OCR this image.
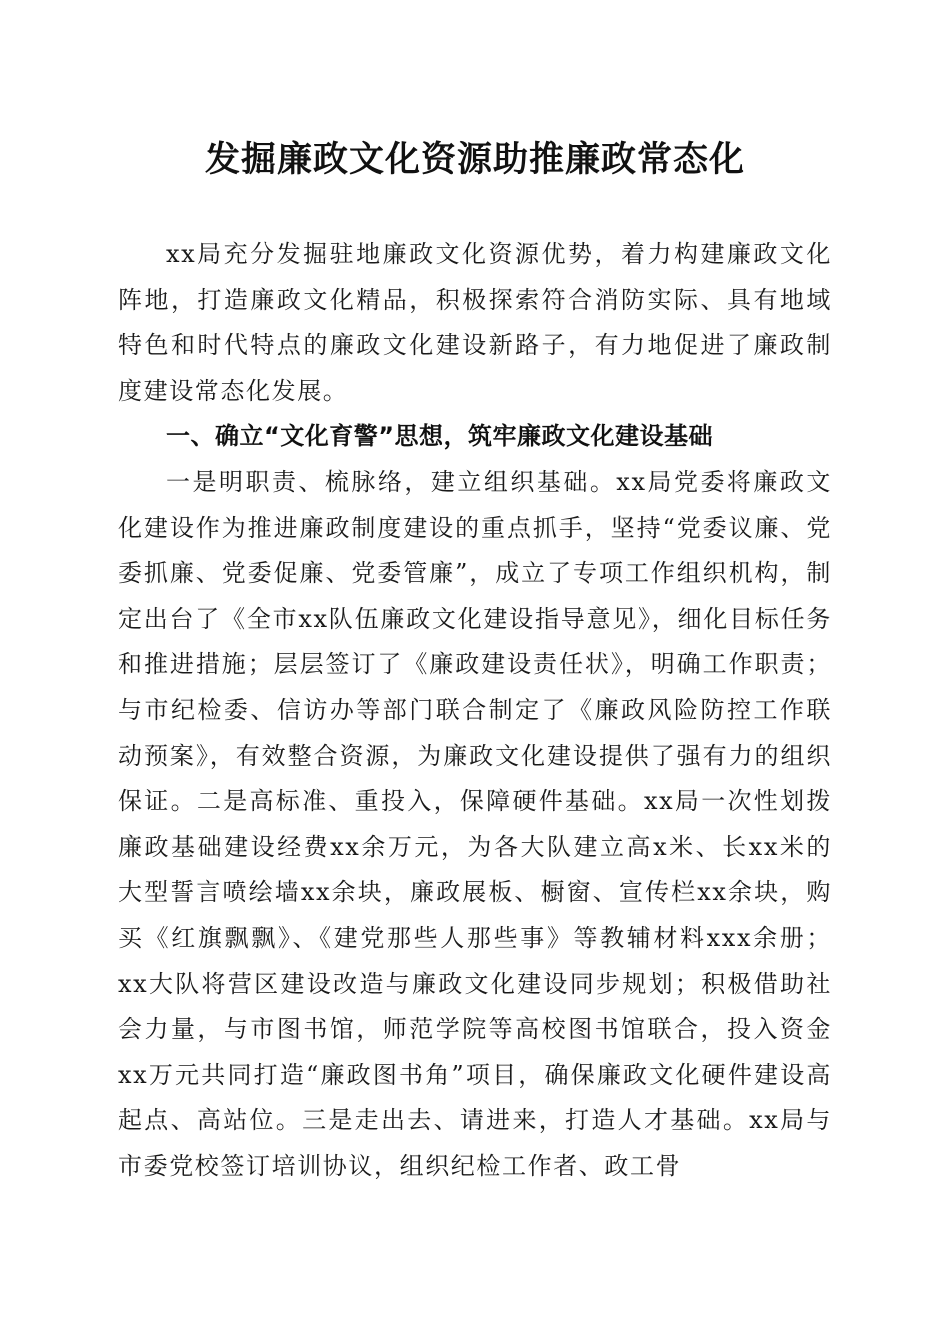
发掘廉政文化资源助推廉政常态化

xx局充分发掘驻地廉政文化资源优势，着力构建廉政文化阵地，打造廉政文化精品，积极探索符合消防实际、具有地域特色和时代特点的廉政文化建设新路子，有力地促进了廉政制度建设常态化发展。

一、确立“文化育警”思想，筑牢廉政文化建设基础

一是明职责、梳脉络，建立组织基础。xx局党委将廉政文化建设作为推进廉政制度建设的重点抓手，坚持“党委议廉、党委抓廉、党委促廉、党委管廉”，成立了专项工作组织机构，制定出台了《全市xx队伍廉政文化建设指导意见》，细化目标任务和推进措施；层层签订了《廉政建设责任状》，明确工作职责；与市纪检委、信访办等部门联合制定了《廉政风险防控工作联动预案》，有效整合资源，为廉政文化建设提供了强有力的组织保证。二是高标准、重投入，保障硬件基础。xx局一次性划拨廉政基础建设经费xx余万元，为各大队建立高x米、长xx米的大型誓言喷绘墙xx余块，廉政展板、橱窗、宣传栏xx余块，购买《红旗飘飘》、《建党那些人那些事》等教辅材料xxx余册；xx大队将营区建设改造与廉政文化建设同步规划；积极借助社会力量，与市图书馆，师范学院等高校图书馆联合，投入资金xx万元共同打造“廉政图书角”项目，确保廉政文化硬件建设高起点、高站位。三是走出去、请进来，打造人才基础。xx局与市委党校签订培训协议，组织纪检工作者、政工骨
